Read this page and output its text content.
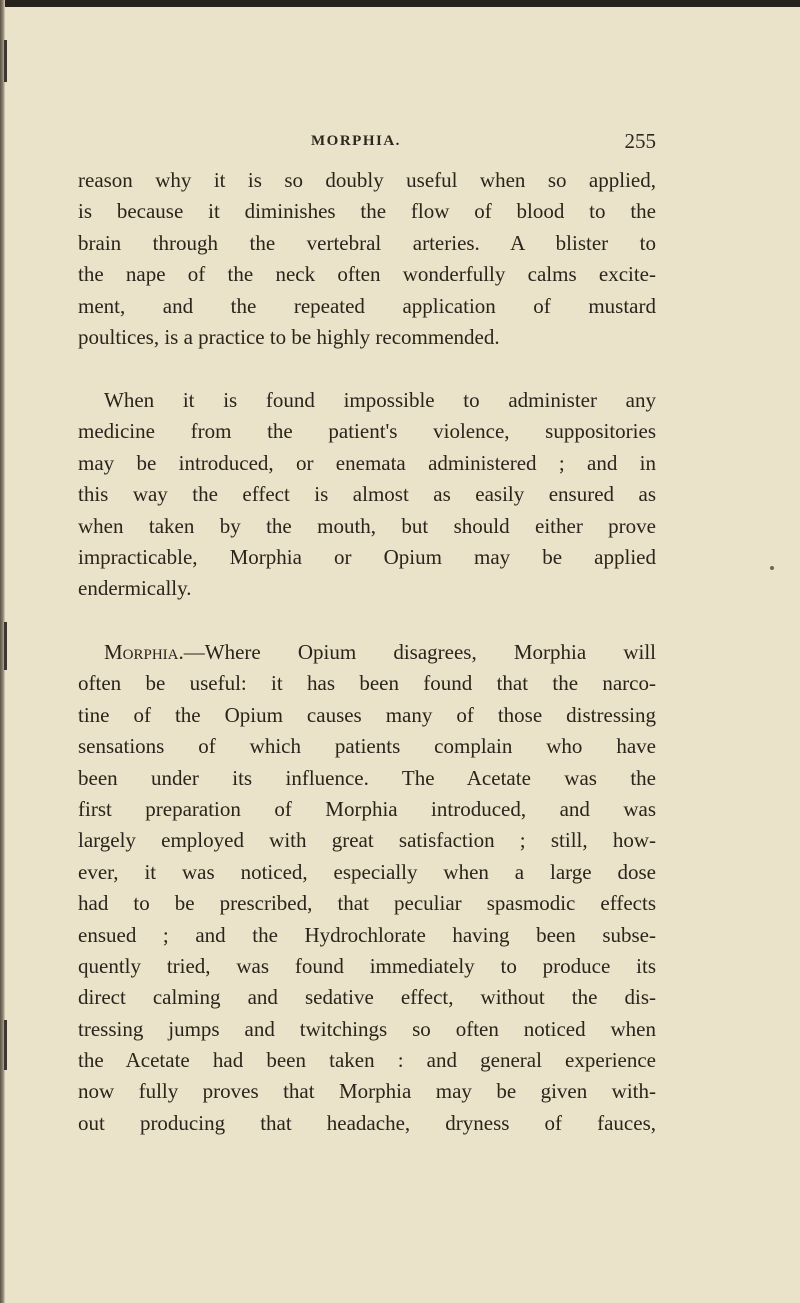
MORPHIA.	255
reason why it is so doubly useful when so applied,
is because it diminishes the flow of blood to the
brain through the vertebral arteries. A blister to
the nape of the neck often wonderfully calms excite-
ment, and the repeated application of mustard
poultices, is a practice to be highly recommended.
When it is found impossible to administer any
medicine from the patient's violence, suppositories
may be introduced, or enemata administered ; and in
this way the effect is almost as easily ensured as
when taken by the mouth, but should either prove
impracticable, Morphia or Opium may be applied
endermically.
Morphia.—Where Opium disagrees, Morphia will
often be useful: it has been found that the narco-
tine of the Opium causes many of those distressing
sensations of which patients complain who have
been under its influence. The Acetate was the
first preparation of Morphia introduced, and was
largely employed with great satisfaction ; still, how-
ever, it was noticed, especially when a large dose
had to be prescribed, that peculiar spasmodic effects
ensued ; and the Hydrochlorate having been subse-
quently tried, was found immediately to produce its
direct calming and sedative effect, without the dis-
tressing jumps and twitchings so often noticed when
the Acetate had been taken : and general experience
now fully proves that Morphia may be given with-
out producing that headache, dryness of fauces,
